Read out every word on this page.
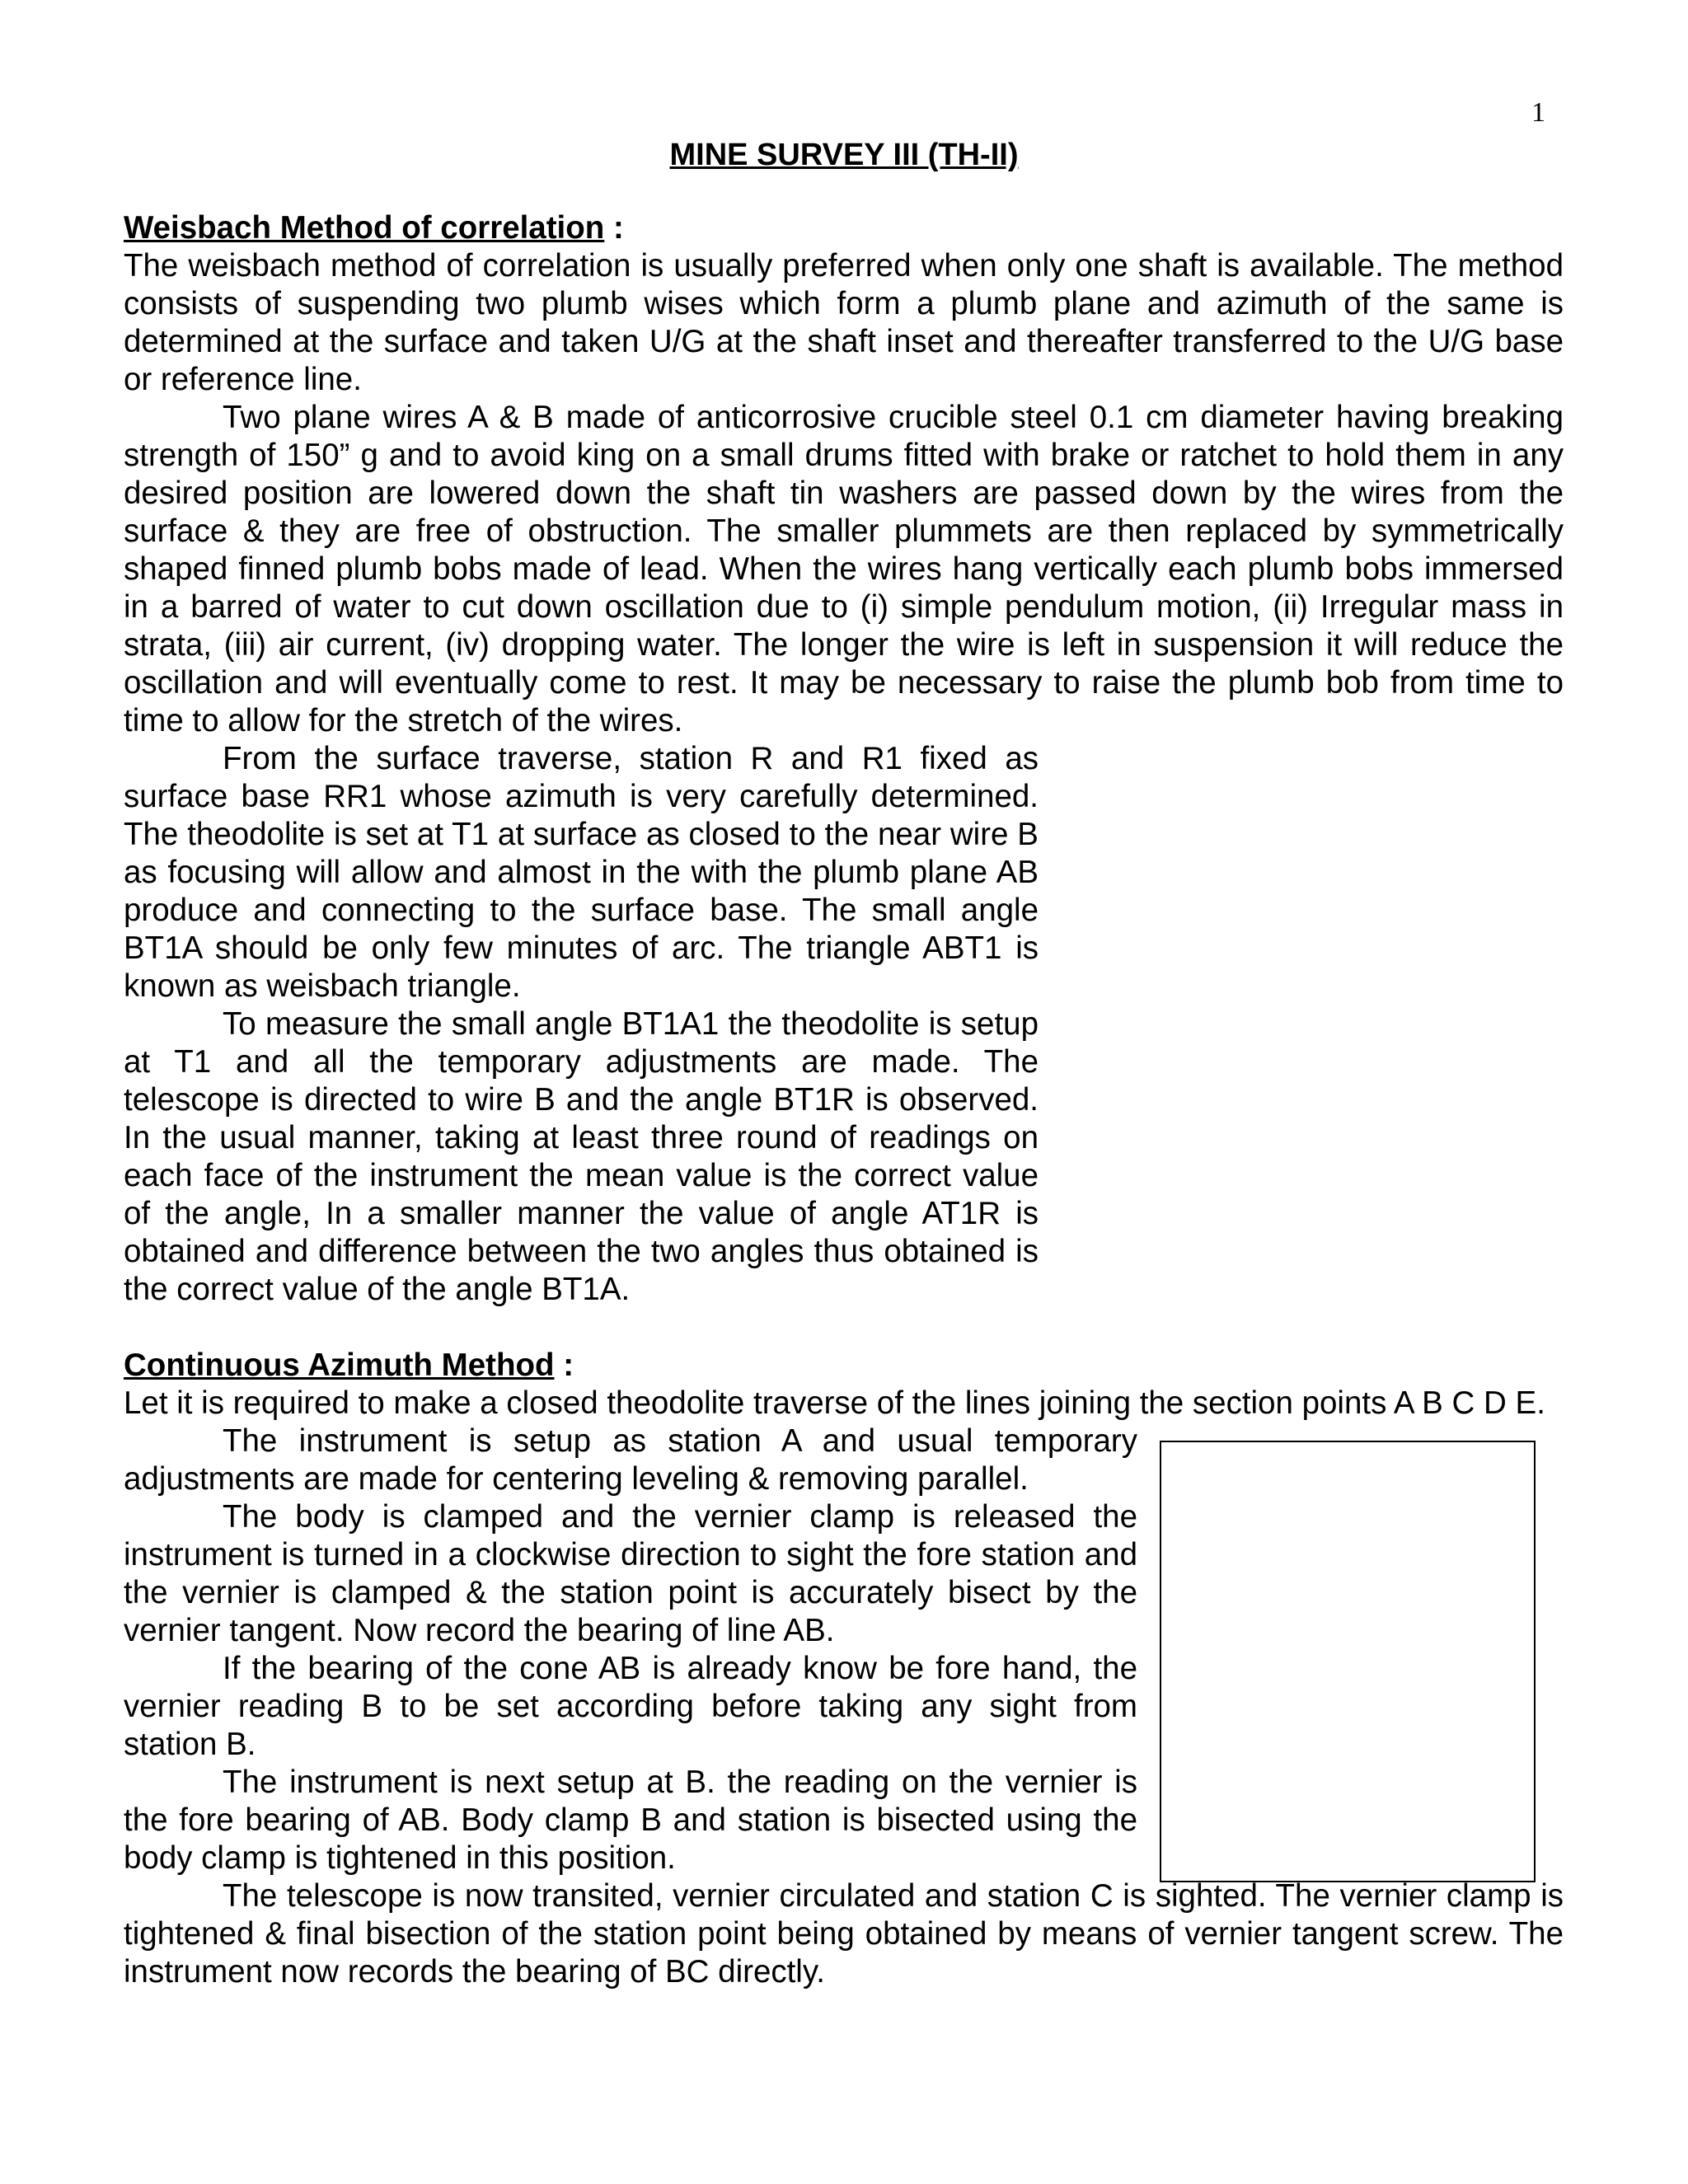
1
MINE SURVEY III (TH-II)
Weisbach Method of correlation :

The weisbach method of correlation is usually preferred when only one shaft is available. The method consists of suspending two plumb wises which form a plumb plane and azimuth of the same is determined at the surface and taken U/G at the shaft inset and thereafter transferred to the U/G base or reference line.

Two plane wires A & B made of anticorrosive crucible steel 0.1 cm diameter having breaking strength of 150” g and to avoid king on a small drums fitted with brake or ratchet to hold them in any desired position are lowered down the shaft tin washers are passed down by the wires from the surface & they are free of obstruction. The smaller plummets are then replaced by symmetrically shaped finned plumb bobs made of lead. When the wires hang vertically each plumb bobs immersed in a barred of water to cut down oscillation due to (i) simple pendulum motion, (ii) Irregular mass in strata, (iii) air current, (iv) dropping water. The longer the wire is left in suspension it will reduce the oscillation and will eventually come to rest. It may be necessary to raise the plumb bob from time to time to allow for the stretch of the wires.

From the surface traverse, station R and R1 fixed as surface base RR1 whose azimuth is very carefully determined. The theodolite is set at T1 at surface as closed to the near wire B as focusing will allow and almost in the with the plumb plane AB produce and connecting to the surface base. The small angle BT1A should be only few minutes of arc. The triangle ABT1 is known as weisbach triangle.

To measure the small angle BT1A1 the theodolite is setup at T1 and all the temporary adjustments are made. The telescope is directed to wire B and the angle BT1R is observed. In the usual manner, taking at least three round of readings on each face of the instrument the mean value is the correct value of the angle, In a smaller manner the value of angle AT1R is obtained and difference between the two angles thus obtained is the correct value of the angle BT1A.

Continuous Azimuth Method :

Let it is required to make a closed theodolite traverse of the lines joining the section points A B C D E.

The instrument is setup as station A and usual temporary adjustments are made for centering leveling & removing parallel.

The body is clamped and the vernier clamp is released the instrument is turned in a clockwise direction to sight the fore station and the vernier is clamped & the station point is accurately bisect by the vernier tangent. Now record the bearing of line AB.

If the bearing of the cone AB is already know be fore hand, the vernier reading B to be set according before taking any sight from station B.

The instrument is next setup at B. the reading on the vernier is the fore bearing of AB. Body clamp B and station is bisected using the body clamp is tightened in this position.

The telescope is now transited, vernier circulated and station C is sighted. The vernier clamp is tightened & final bisection of the station point being obtained by means of vernier tangent screw. The instrument now records the bearing of BC directly.
